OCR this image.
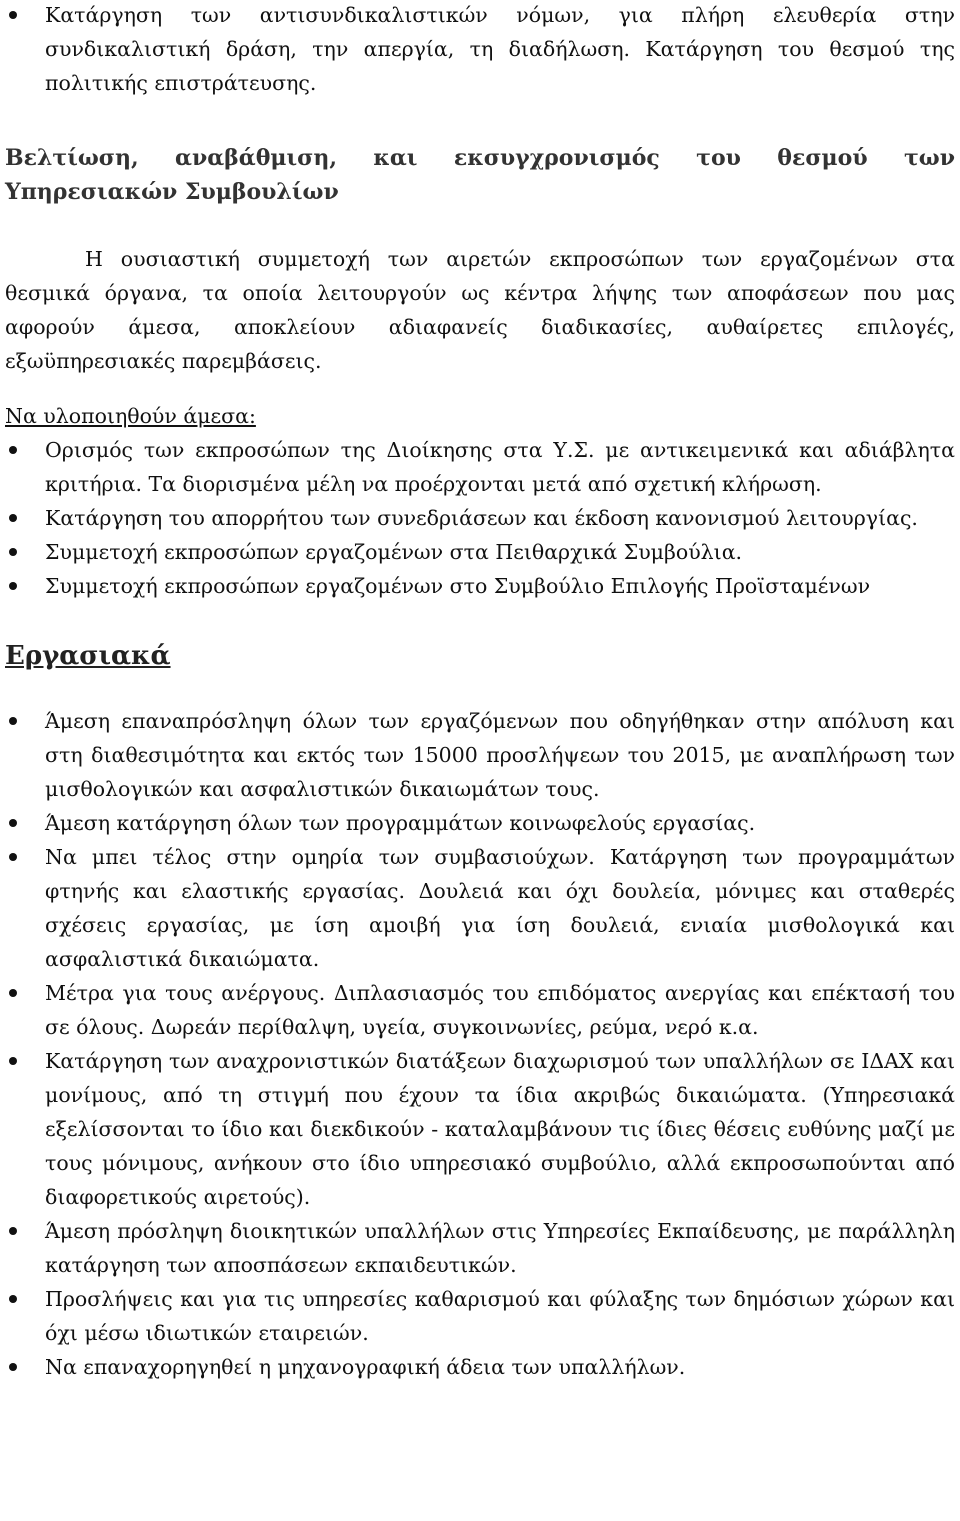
Κατάργηση των αντισυνδικαλιστικών νόμων, για πλήρη ελευθερία στην συνδικαλιστική δράση, την απεργία, τη διαδήλωση. Κατάργηση του θεσμού της πολιτικής επιστράτευσης.
Βελτίωση, αναβάθμιση, και εκσυγχρονισμός του θεσμού των
Υπηρεσιακών Συμβουλίων

Η ουσιαστική συμμετοχή των αιρετών εκπροσώπων των εργαζομένων στα θεσμικά όργανα, τα οποία λειτουργούν ως κέντρα λήψης των αποφάσεων που μας αφορούν άμεσα, αποκλείουν αδιαφανείς διαδικασίες, αυθαίρετες επιλογές, εξωϋπηρεσιακές παρεμβάσεις.

Να υλοποιηθούν άμεσα:
Ορισμός των εκπροσώπων της Διοίκησης στα Υ.Σ. με αντικειμενικά και αδιάβλητα κριτήρια. Τα διορισμένα μέλη να προέρχονται μετά από σχετική κλήρωση.
Κατάργηση του απορρήτου των συνεδριάσεων και έκδοση κανονισμού λειτουργίας.
Συμμετοχή εκπροσώπων εργαζομένων στα Πειθαρχικά Συμβούλια.
Συμμετοχή εκπροσώπων εργαζομένων στο Συμβούλιο Επιλογής Προϊσταμένων
Εργασιακά
Άμεση επαναπρόσληψη όλων των εργαζόμενων που οδηγήθηκαν στην απόλυση και στη διαθεσιμότητα και εκτός των 15000 προσλήψεων του 2015, με αναπλήρωση των μισθολογικών και ασφαλιστικών δικαιωμάτων τους.
Άμεση κατάργηση όλων των προγραμμάτων κοινωφελούς εργασίας.
Να μπει τέλος στην ομηρία των συμβασιούχων. Κατάργηση των προγραμμάτων φτηνής και ελαστικής εργασίας. Δουλειά και όχι δουλεία, μόνιμες και σταθερές σχέσεις εργασίας, με ίση αμοιβή για ίση δουλειά, ενιαία μισθολογικά και ασφαλιστικά δικαιώματα.
Μέτρα για τους ανέργους. Διπλασιασμός του επιδόματος ανεργίας και επέκτασή του σε όλους. Δωρεάν περίθαλψη, υγεία, συγκοινωνίες, ρεύμα, νερό κ.α.
Κατάργηση των αναχρονιστικών διατάξεων διαχωρισμού των υπαλλήλων σε ΙΔΑΧ και μονίμους, από τη στιγμή που έχουν τα ίδια ακριβώς δικαιώματα. (Υπηρεσιακά εξελίσσονται το ίδιο και διεκδικούν - καταλαμβάνουν τις ίδιες θέσεις ευθύνης μαζί με τους μόνιμους, ανήκουν στο ίδιο υπηρεσιακό συμβούλιο, αλλά εκπροσωπούνται από διαφορετικούς αιρετούς).
Άμεση πρόσληψη διοικητικών υπαλλήλων στις Υπηρεσίες Εκπαίδευσης, με παράλληλη κατάργηση των αποσπάσεων εκπαιδευτικών.
Προσλήψεις και για τις υπηρεσίες καθαρισμού και φύλαξης των δημόσιων χώρων και όχι μέσω ιδιωτικών εταιρειών.
Να επαναχορηγηθεί η μηχανογραφική άδεια των υπαλλήλων.
